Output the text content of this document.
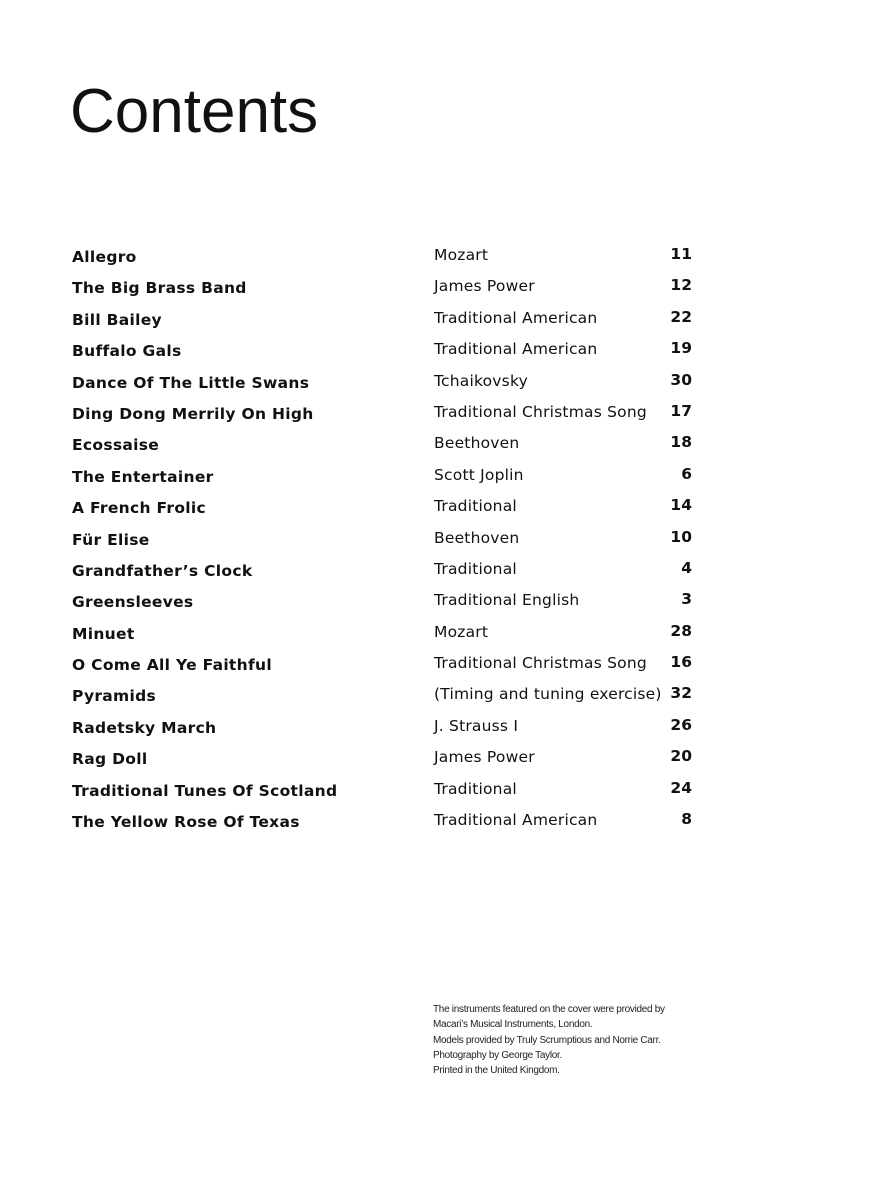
Contents
Allegro	Mozart	11
The Big Brass Band	James Power	12
Bill Bailey	Traditional American	22
Buffalo Gals	Traditional American	19
Dance Of The Little Swans	Tchaikovsky	30
Ding Dong Merrily On High	Traditional Christmas Song 17
Ecossaise	Beethoven	18
The Entertainer	Scott Joplin	6
A French Frolic	Traditional	14
Für Elise	Beethoven	10
Grandfather’s Clock	Traditional	4
Greensleeves	Traditional English	3
Minuet	Mozart	28
O Come All Ye Faithful	Traditional Christmas Song 16
Pyramids	(Timing and tuning exercise) 32
Radetsky March	J. Strauss I	26
Rag Doll	James Power	20
Traditional Tunes Of Scotland	Traditional	24
The Yellow Rose Of Texas	Traditional American	8
The instruments featured on the cover were provided by
Macari’s Musical Instruments, London.
Models provided by Truly Scrumptious and Norrie Carr.
Photography by George Taylor.
Printed in the United Kingdom.
